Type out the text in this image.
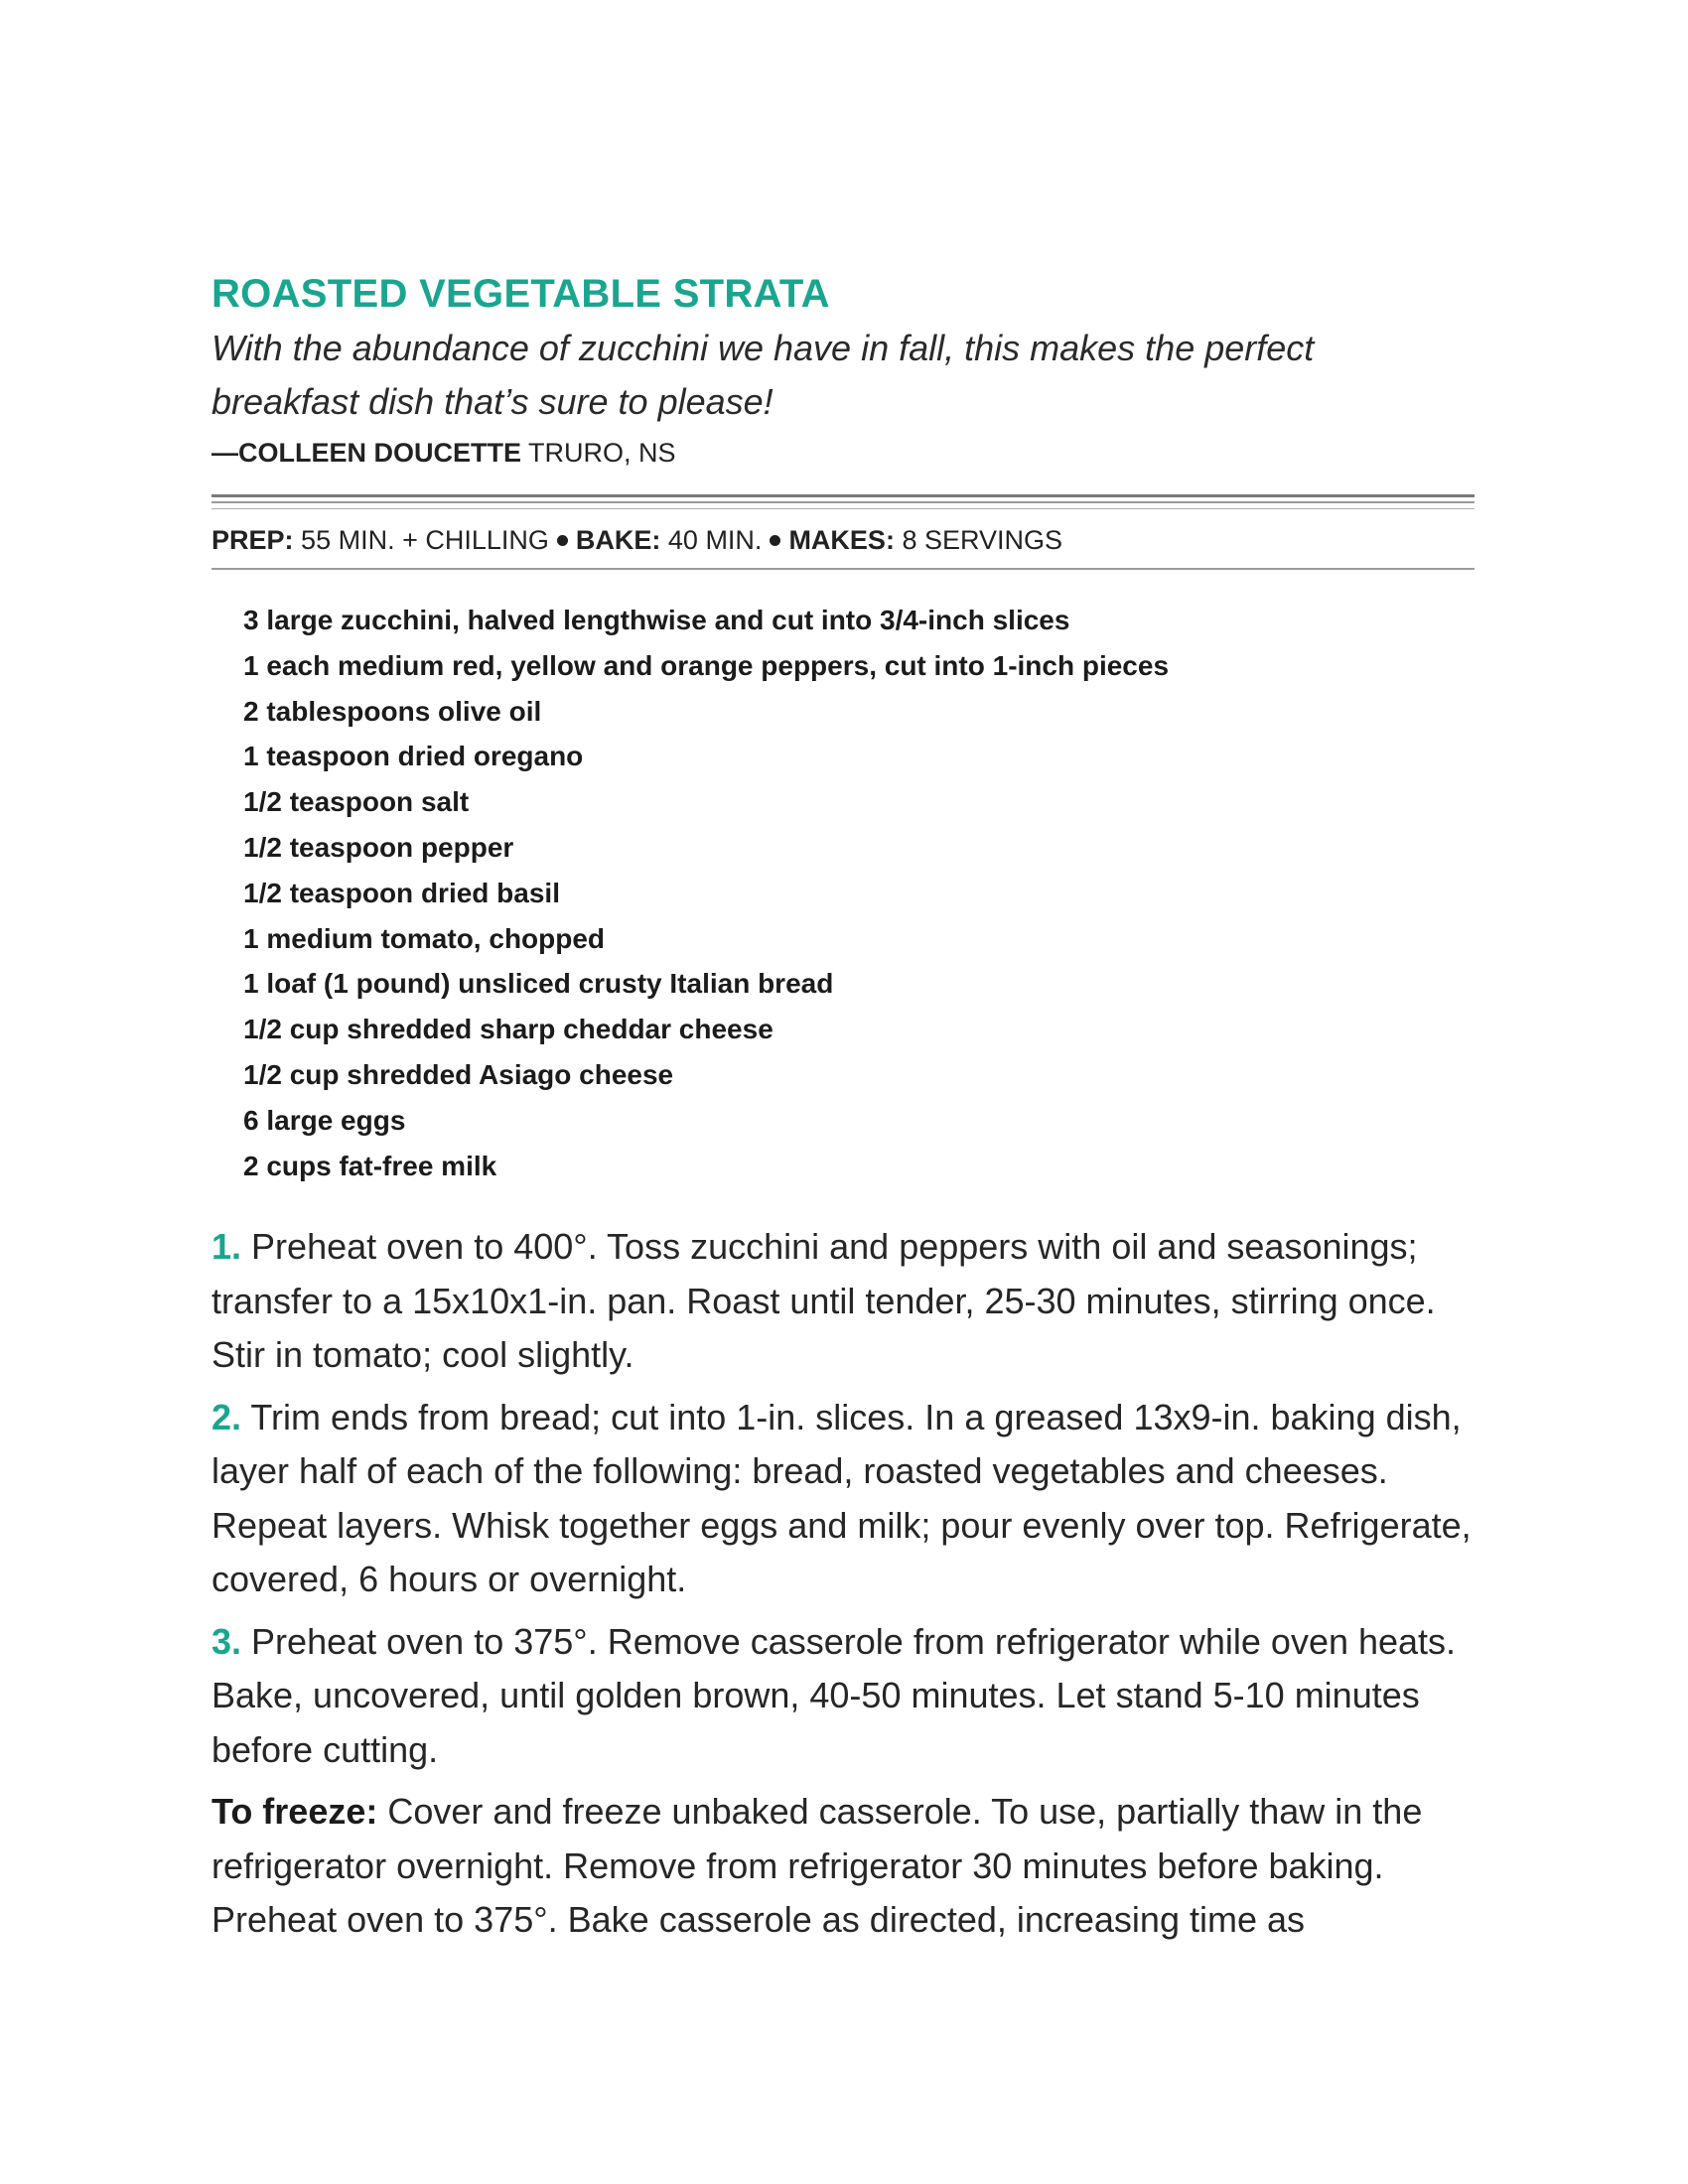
ROASTED VEGETABLE STRATA

With the abundance of zucchini we have in fall, this makes the perfect breakfast dish that’s sure to please!

—COLLEEN DOUCETTE TRURO, NS
PREP: 55 MIN. + CHILLING BAKE: 40 MIN. MAKES: 8 SERVINGS
3 large zucchini, halved lengthwise and cut into 3/4-inch slices
1 each medium red, yellow and orange peppers, cut into 1-inch pieces
2 tablespoons olive oil
1 teaspoon dried oregano
1/2 teaspoon salt
1/2 teaspoon pepper
1/2 teaspoon dried basil
1 medium tomato, chopped
1 loaf (1 pound) unsliced crusty Italian bread
1/2 cup shredded sharp cheddar cheese
1/2 cup shredded Asiago cheese
6 large eggs
2 cups fat-free milk

1. Preheat oven to 400°. Toss zucchini and peppers with oil and seasonings; transfer to a 15x10x1-in. pan. Roast until tender, 25-30 minutes, stirring once. Stir in tomato; cool slightly.

2. Trim ends from bread; cut into 1-in. slices. In a greased 13x9-in. baking dish, layer half of each of the following: bread, roasted vegetables and cheeses. Repeat layers. Whisk together eggs and milk; pour evenly over top. Refrigerate, covered, 6 hours or overnight.

3. Preheat oven to 375°. Remove casserole from refrigerator while oven heats. Bake, uncovered, until golden brown, 40-50 minutes. Let stand 5-10 minutes before cutting.

To freeze: Cover and freeze unbaked casserole. To use, partially thaw in the refrigerator overnight. Remove from refrigerator 30 minutes before baking. Preheat oven to 375°. Bake casserole as directed, increasing time as
